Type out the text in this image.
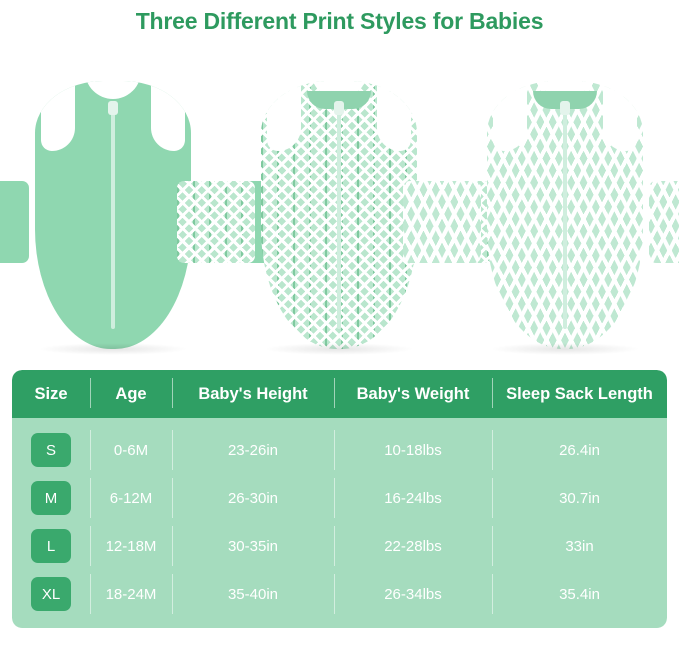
Three Different Print Styles for Babies
Size	Age	Baby's Height	Baby's Weight	Sleep Sack Length
S	0-6M	23-26in	10-18lbs	26.4in
M	6-12M	26-30in	16-24lbs	30.7in
L	12-18M	30-35in	22-28lbs	33in
XL	18-24M	35-40in	26-34lbs	35.4in
